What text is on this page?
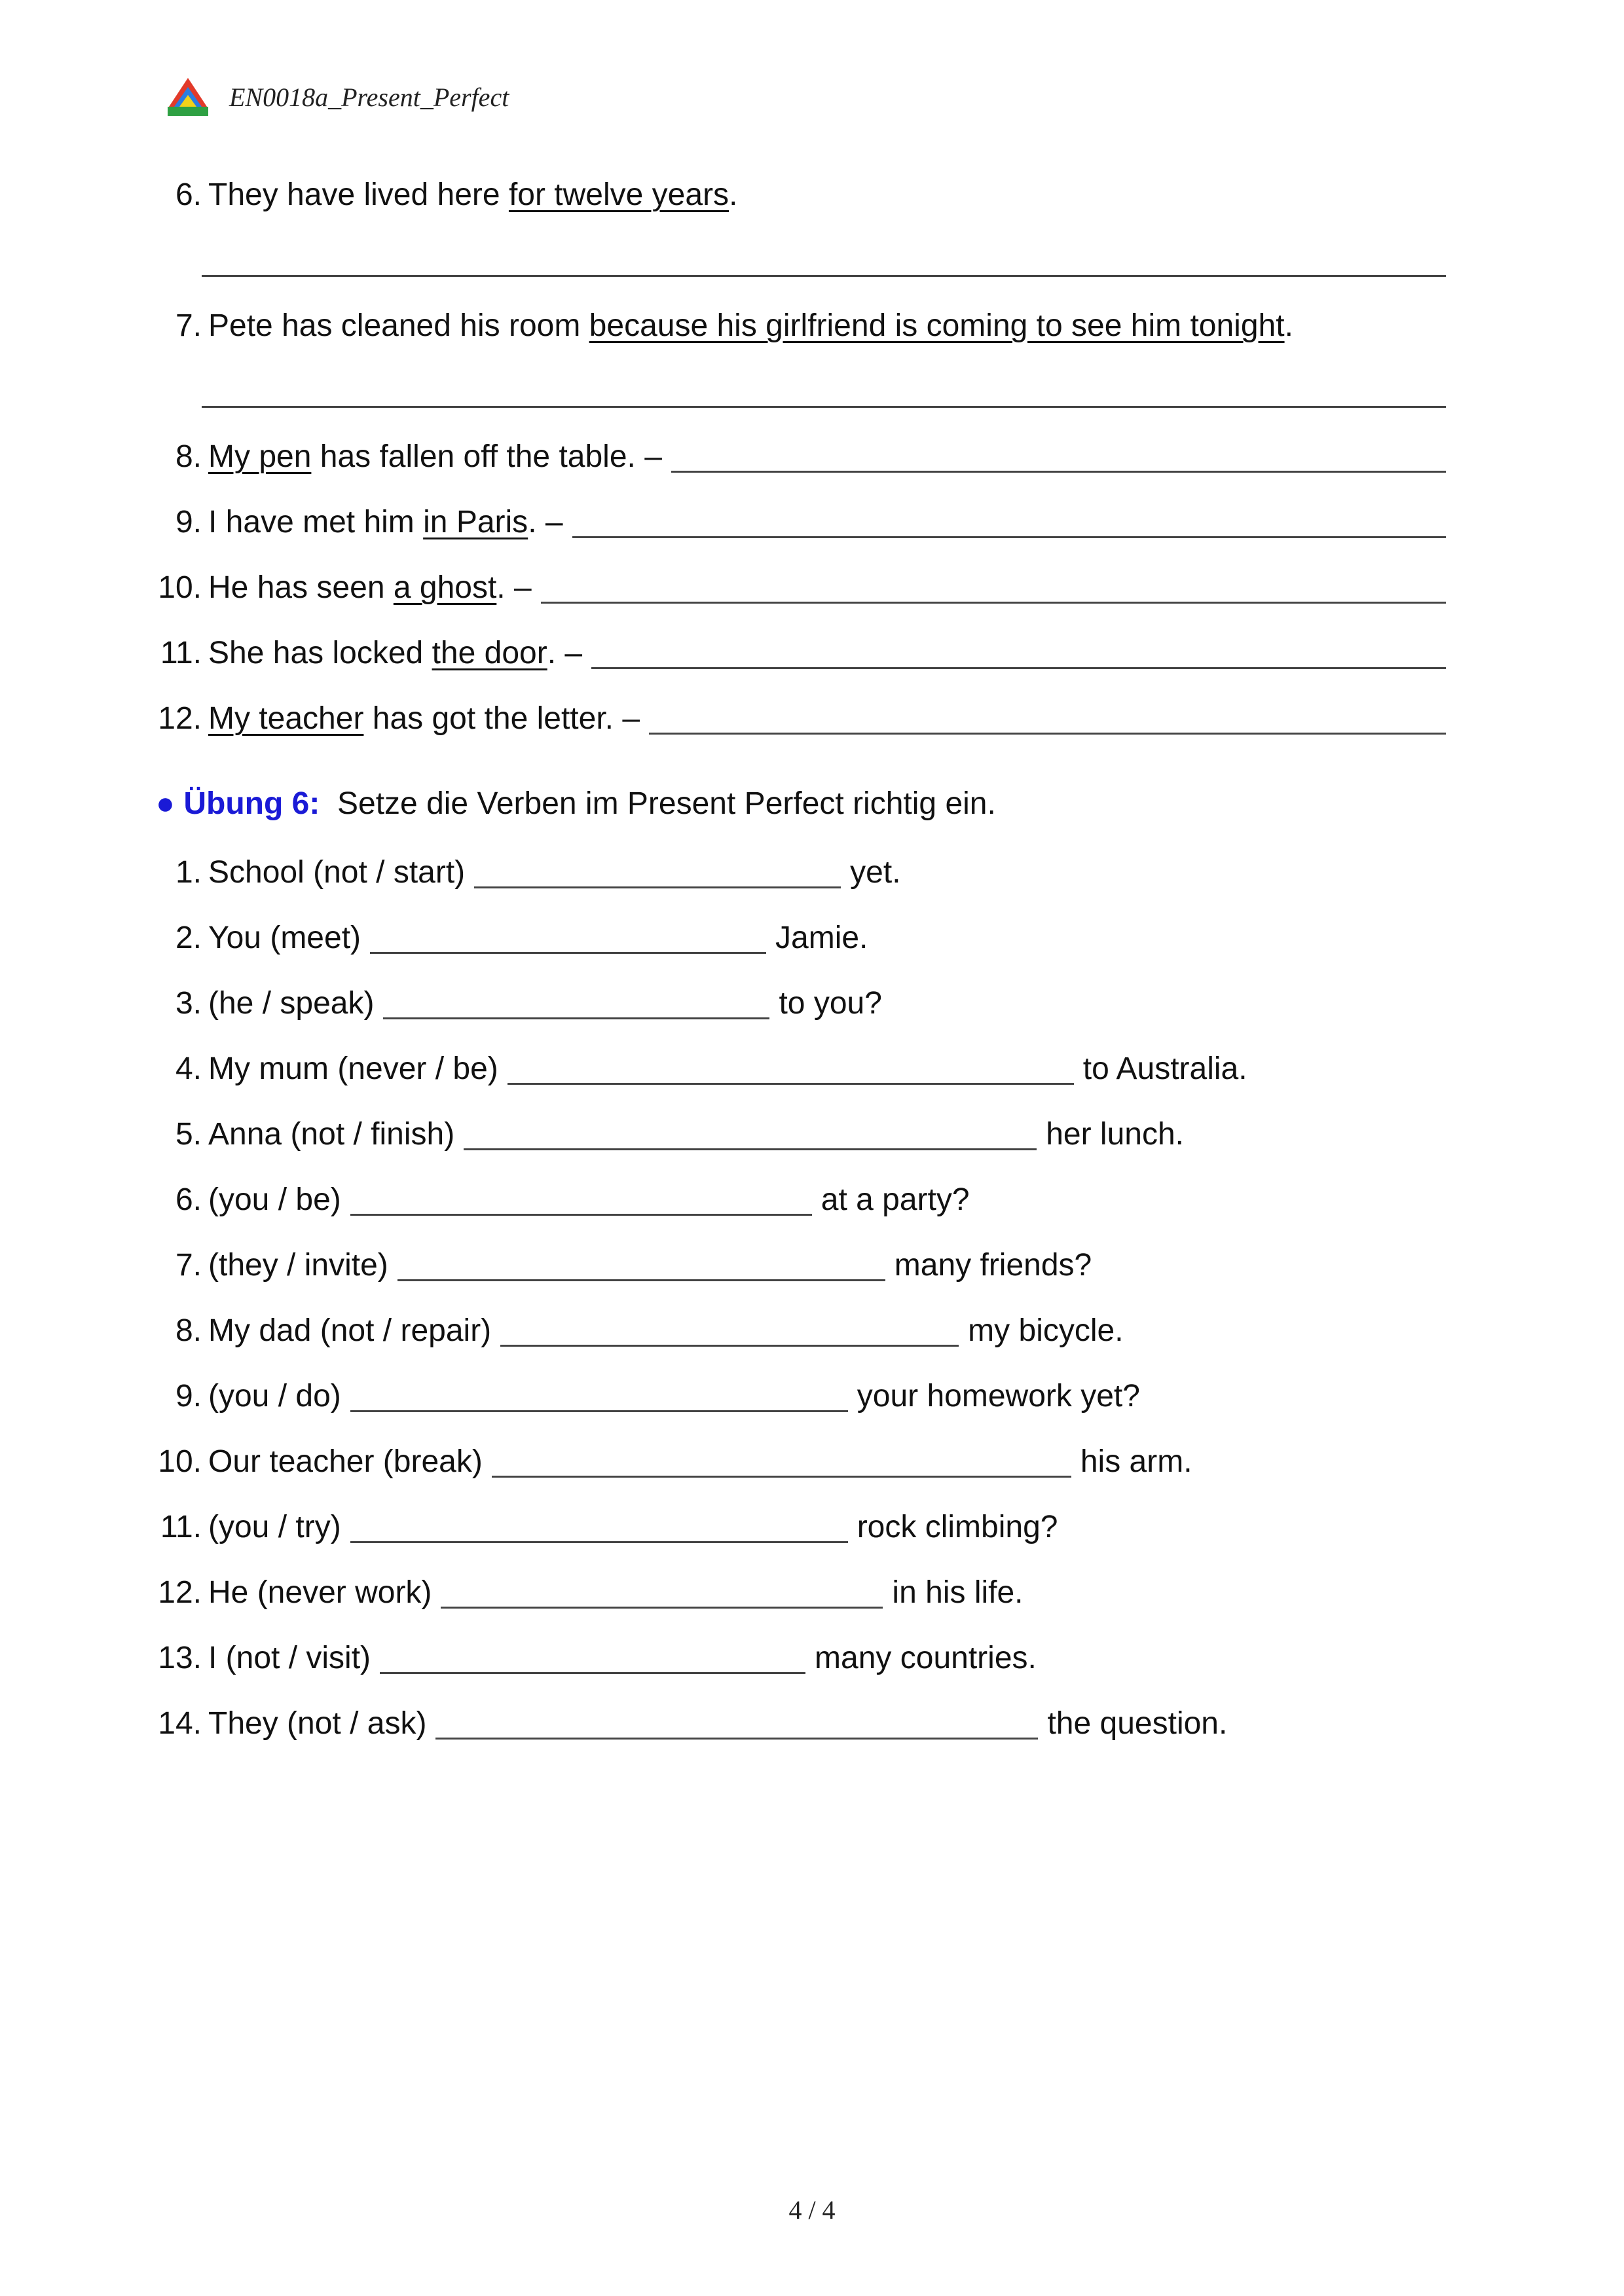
EN0018a_Present_Perfect
6. They have lived here for twelve years .
7. Pete has cleaned his room because his girlfriend is coming to see him tonight .
8. My pen has fallen off the table. –
9. I have met him in Paris . –
10. He has seen a ghost . –
11. She has locked the door . –
12. My teacher has got the letter. –
● Übung 6:  Setze die Verben im Present Perfect richtig ein.
1. School (not / start)	yet.
2. You (meet)	Jamie.
3. (he / speak)	to you?
4. My mum (never / be)	to Australia.
5. Anna (not / finish)	her lunch.
6. (you / be)	at a party?
7. (they / invite)	many friends?
8. My dad (not / repair)	my bicycle.
9. (you / do)	your homework yet?
10. Our teacher (break)	his arm.
11. (you / try)	rock climbing?
12. He (never work)	in his life.
13. I (not / visit)	many countries.
14. They (not / ask)	the question.
4 / 4
